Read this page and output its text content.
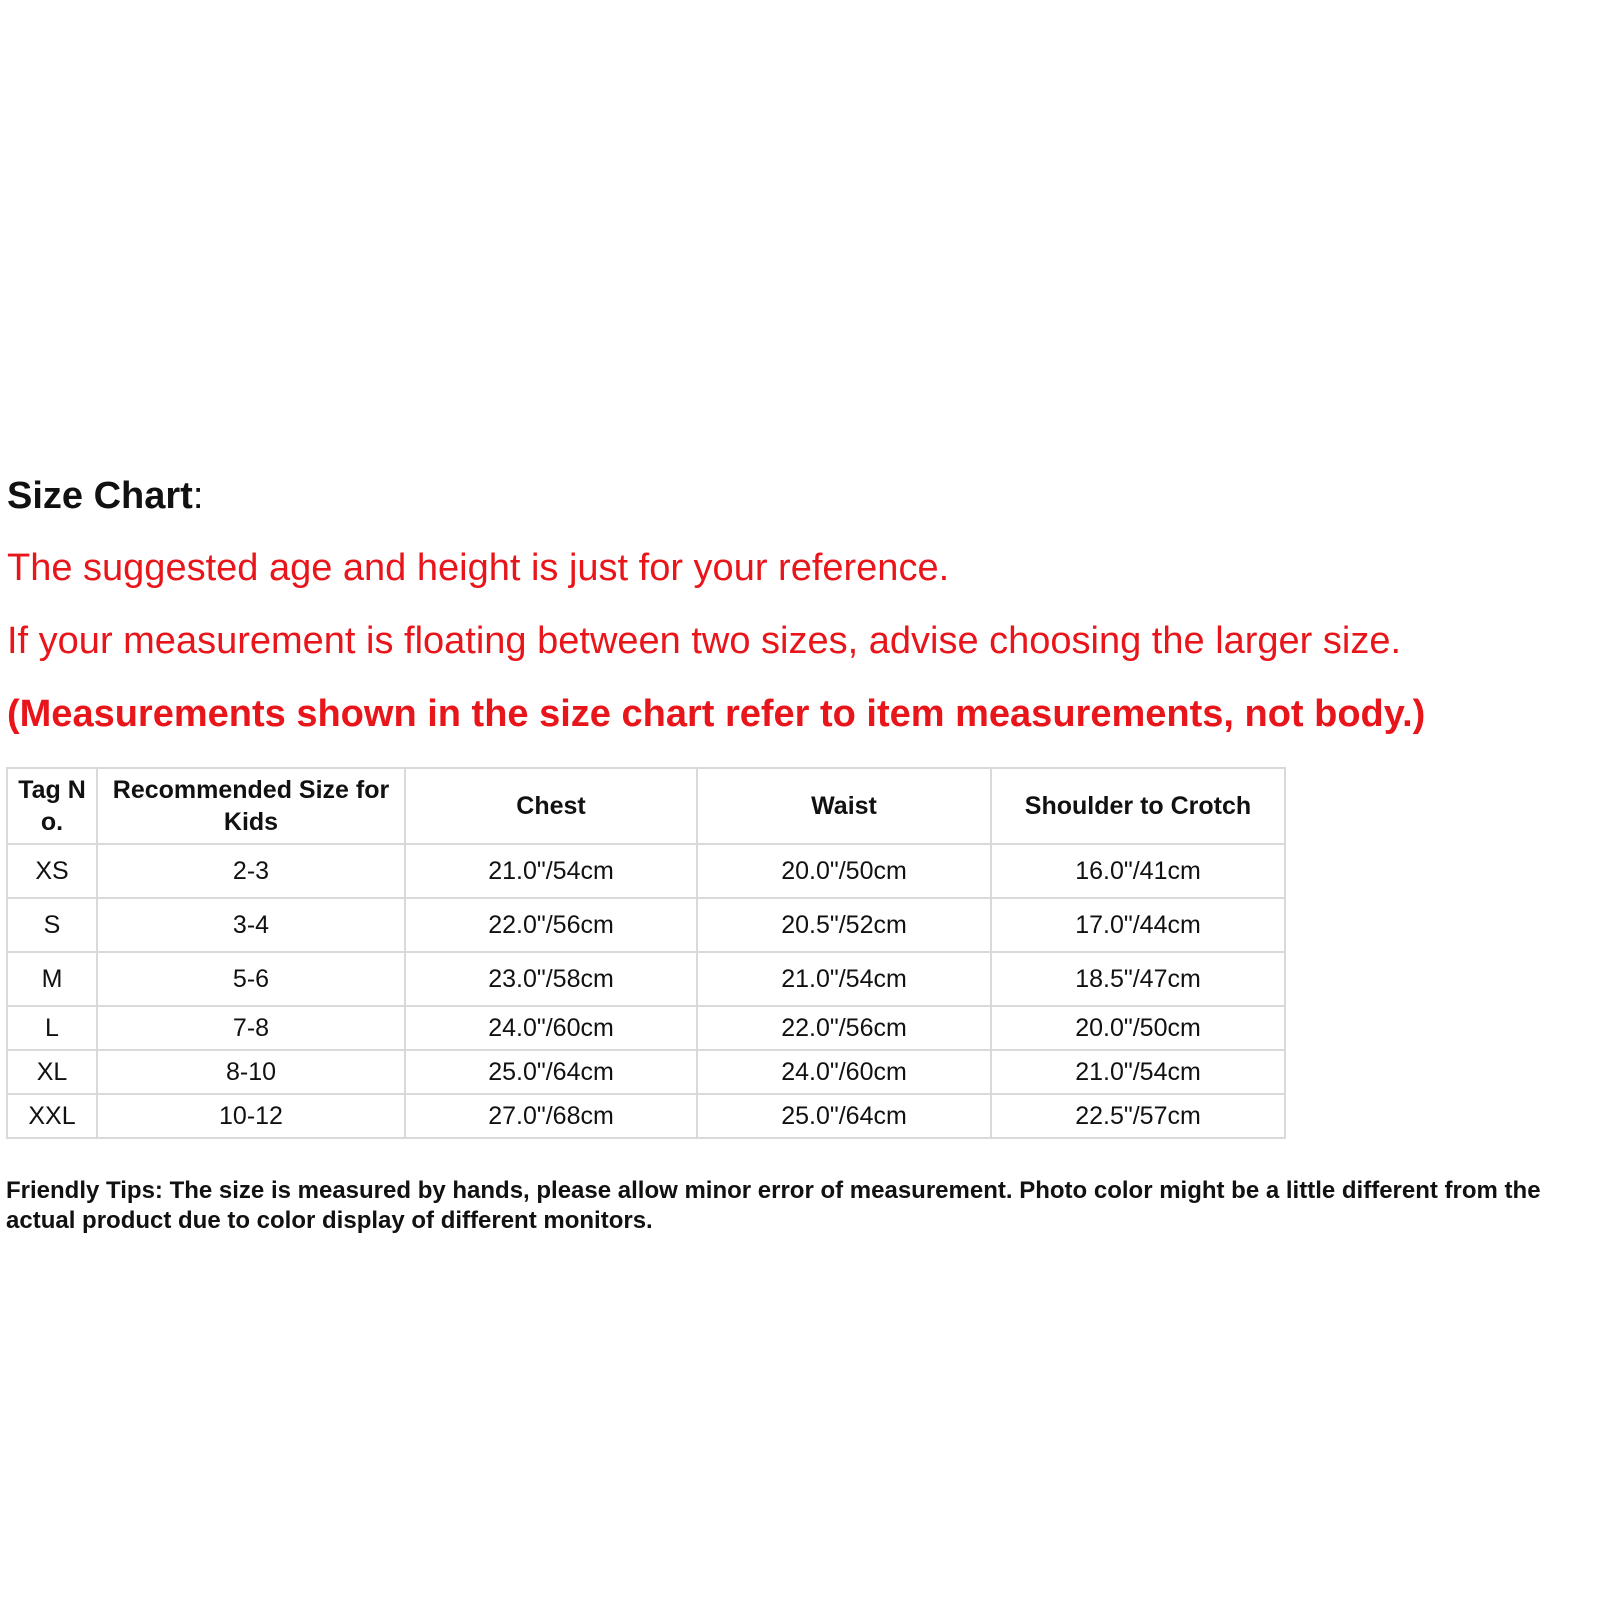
Size Chart:
The suggested age and height is just for your reference.
If your measurement is floating between two sizes, advise choosing the larger size.
(Measurements shown in the size chart refer to item measurements, not body.)
Tag No.	Recommended Size for Kids	Chest	Waist	Shoulder to Crotch
XS	2-3	21.0"/54cm	20.0"/50cm	16.0"/41cm
S	3-4	22.0"/56cm	20.5"/52cm	17.0"/44cm
M	5-6	23.0"/58cm	21.0"/54cm	18.5"/47cm
L	7-8	24.0"/60cm	22.0"/56cm	20.0"/50cm
XL	8-10	25.0"/64cm	24.0"/60cm	21.0"/54cm
XXL	10-12	27.0"/68cm	25.0"/64cm	22.5"/57cm
Friendly Tips: The size is measured by hands, please allow minor error of measurement. Photo color might be a little different from the actual product due to color display of different monitors.
